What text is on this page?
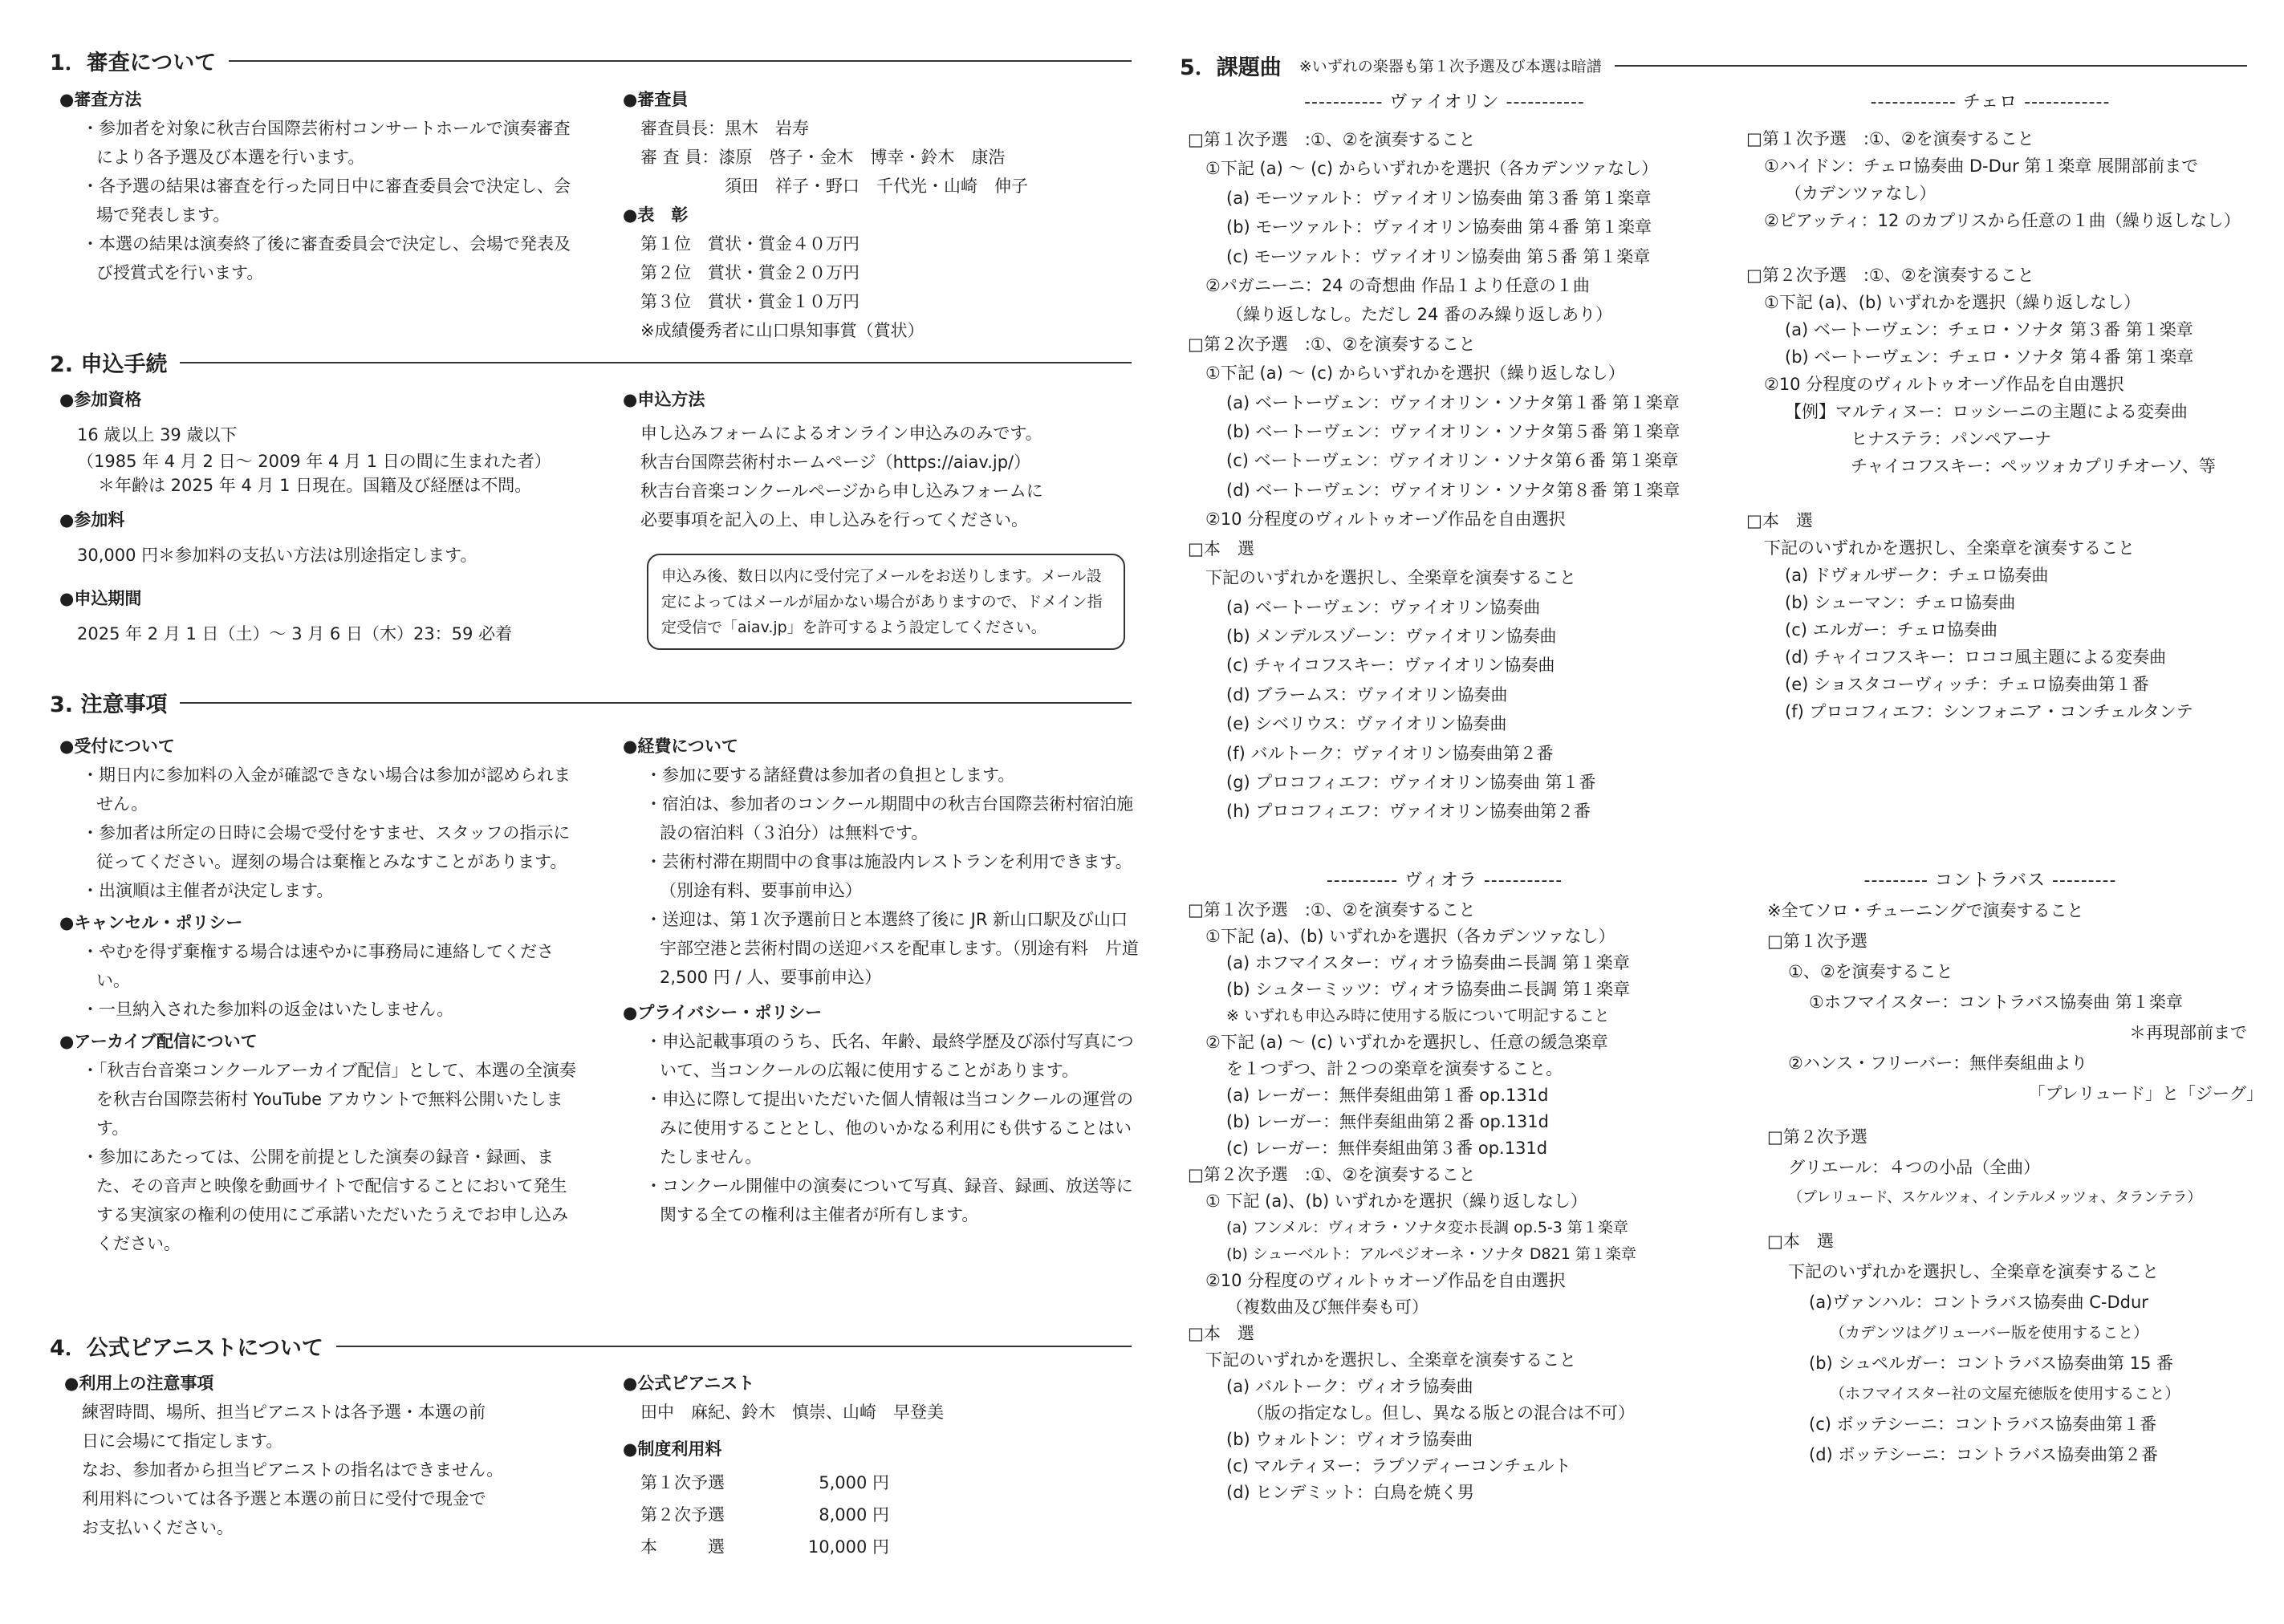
1．審査について
●審査方法
・参加者を対象に秋吉台国際芸術村コンサートホールで演奏審査により各予選及び本選を行います。
・各予選の結果は審査を行った同日中に審査委員会で決定し、会場で発表します。
・本選の結果は演奏終了後に審査委員会で決定し、会場で発表及び授賞式を行います。
●審査員
審査員長：黒木　岩寿
審 査 員：漆原　啓子・金木　博幸・鈴木　康浩
　　　　　須田　祥子・野口　千代光・山崎　伸子
●表　彰
第１位　賞状・賞金４０万円
第２位　賞状・賞金２０万円
第３位　賞状・賞金１０万円
※成績優秀者に山口県知事賞（賞状）
2. 申込手続
●参加資格
16 歳以上 39 歳以下
（1985 年 4 月 2 日～ 2009 年 4 月 1 日の間に生まれた者）
＊年齢は 2025 年 4 月 1 日現在。国籍及び経歴は不問。
●参加料
30,000 円＊参加料の支払い方法は別途指定します。
●申込期間
2025 年 2 月 1 日（土）～ 3 月 6 日（木）23：59 必着
●申込方法
申し込みフォームによるオンライン申込みのみです。
秋吉台国際芸術村ホームページ（https://aiav.jp/）
秋吉台音楽コンクールページから申し込みフォームに
必要事項を記入の上、申し込みを行ってください。
申込み後、数日以内に受付完了メールをお送りします。メール設定によってはメールが届かない場合がありますので、ドメイン指定受信で「aiav.jp」を許可するよう設定してください。
3. 注意事項
●受付について
・期日内に参加料の入金が確認できない場合は参加が認められません。
・参加者は所定の日時に会場で受付をすませ、スタッフの指示に従ってください。遅刻の場合は棄権とみなすことがあります。
・出演順は主催者が決定します。
●キャンセル・ポリシー
・やむを得ず棄権する場合は速やかに事務局に連絡してください。
・一旦納入された参加料の返金はいたしません。
●アーカイブ配信について
・「秋吉台音楽コンクールアーカイブ配信」として、本選の全演奏を秋吉台国際芸術村 YouTube アカウントで無料公開いたします。
・参加にあたっては、公開を前提とした演奏の録音・録画、また、その音声と映像を動画サイトで配信することにおいて発生する実演家の権利の使用にご承諾いただいたうえでお申し込みください。
●経費について
・参加に要する諸経費は参加者の負担とします。
・宿泊は、参加者のコンクール期間中の秋吉台国際芸術村宿泊施設の宿泊料（３泊分）は無料です。
・芸術村滞在期間中の食事は施設内レストランを利用できます。（別途有料、要事前申込）
・送迎は、第１次予選前日と本選終了後に JR 新山口駅及び山口宇部空港と芸術村間の送迎バスを配車します。（別途有料　片道 2,500 円 / 人、要事前申込）
●プライバシー・ポリシー
・申込記載事項のうち、氏名、年齢、最終学歴及び添付写真について、当コンクールの広報に使用することがあります。
・申込に際して提出いただいた個人情報は当コンクールの運営のみに使用することとし、他のいかなる利用にも供することはいたしません。
・コンクール開催中の演奏について写真、録音、録画、放送等に関する全ての権利は主催者が所有します。
4．公式ピアニストについて
●利用上の注意事項
練習時間、場所、担当ピアニストは各予選・本選の前
日に会場にて指定します。
なお、参加者から担当ピアニストの指名はできません。
利用料については各予選と本選の前日に受付で現金で
お支払いください。
●公式ピアニスト
田中　麻紀、鈴木　慎崇、山崎　早登美
●制度利用料
第１次予選	5,000 円
第２次予選	8,000 円
本　　　選	10,000 円
5．課題曲 ※いずれの楽器も第１次予選及び本選は暗譜
----------- ヴァイオリン -----------
□第１次予選　:①、②を演奏すること
①下記 (a) ～ (c) からいずれかを選択（各カデンツァなし）
(a) モーツァルト：ヴァイオリン協奏曲 第３番 第１楽章
(b) モーツァルト：ヴァイオリン協奏曲 第４番 第１楽章
(c) モーツァルト：ヴァイオリン協奏曲 第５番 第１楽章
②パガニーニ：24 の奇想曲 作品１より任意の１曲
（繰り返しなし。ただし 24 番のみ繰り返しあり）
□第２次予選　:①、②を演奏すること
①下記 (a) ～ (c) からいずれかを選択（繰り返しなし）
(a) ベートーヴェン：ヴァイオリン・ソナタ第１番 第１楽章
(b) ベートーヴェン：ヴァイオリン・ソナタ第５番 第１楽章
(c) ベートーヴェン：ヴァイオリン・ソナタ第６番 第１楽章
(d) ベートーヴェン：ヴァイオリン・ソナタ第８番 第１楽章
②10 分程度のヴィルトゥオーゾ作品を自由選択
□本　選
下記のいずれかを選択し、全楽章を演奏すること
(a) ベートーヴェン：ヴァイオリン協奏曲
(b) メンデルスゾーン：ヴァイオリン協奏曲
(c) チャイコフスキー：ヴァイオリン協奏曲
(d) ブラームス：ヴァイオリン協奏曲
(e) シベリウス：ヴァイオリン協奏曲
(f) バルトーク：ヴァイオリン協奏曲第２番
(g) プロコフィエフ：ヴァイオリン協奏曲 第１番
(h) プロコフィエフ：ヴァイオリン協奏曲第２番
---------- ヴィオラ -----------
□第１次予選　:①、②を演奏すること
①下記 (a)、(b) いずれかを選択（各カデンツァなし）
(a) ホフマイスター：ヴィオラ協奏曲ニ長調 第１楽章
(b) シュターミッツ：ヴィオラ協奏曲ニ長調 第１楽章
※ いずれも申込み時に使用する版について明記すること
②下記 (a) ～ (c) いずれかを選択し、任意の緩急楽章
を１つずつ、計２つの楽章を演奏すること。
(a) レーガー：無伴奏組曲第１番 op.131d
(b) レーガー：無伴奏組曲第２番 op.131d
(c) レーガー：無伴奏組曲第３番 op.131d
□第２次予選　:①、②を演奏すること
① 下記 (a)、(b) いずれかを選択（繰り返しなし）
(a) フンメル：ヴィオラ・ソナタ変ホ長調 op.5-3 第１楽章
(b) シューベルト：アルペジオーネ・ソナタ D821 第１楽章
②10 分程度のヴィルトゥオーゾ作品を自由選択
（複数曲及び無伴奏も可）
□本　選
下記のいずれかを選択し、全楽章を演奏すること
(a) バルトーク：ヴィオラ協奏曲
（版の指定なし。但し、異なる版との混合は不可）
(b) ウォルトン：ヴィオラ協奏曲
(c) マルティヌー：ラプソディーコンチェルト
(d) ヒンデミット：白鳥を焼く男
------------ チェロ ------------
□第１次予選　:①、②を演奏すること
①ハイドン：チェロ協奏曲 D-Dur 第１楽章 展開部前まで
（カデンツァなし）
②ピアッティ：12 のカプリスから任意の１曲（繰り返しなし）
□第２次予選　:①、②を演奏すること
①下記 (a)、(b) いずれかを選択（繰り返しなし）
(a) ベートーヴェン：チェロ・ソナタ 第３番 第１楽章
(b) ベートーヴェン：チェロ・ソナタ 第４番 第１楽章
②10 分程度のヴィルトゥオーゾ作品を自由選択
【例】マルティヌー：ロッシーニの主題による変奏曲
ヒナステラ：パンペアーナ
チャイコフスキー：ペッツォカプリチオーソ、等
□本　選
下記のいずれかを選択し、全楽章を演奏すること
(a) ドヴォルザーク：チェロ協奏曲
(b) シューマン：チェロ協奏曲
(c) エルガー：チェロ協奏曲
(d) チャイコフスキー：ロココ風主題による変奏曲
(e) ショスタコーヴィッチ：チェロ協奏曲第１番
(f) プロコフィエフ：シンフォニア・コンチェルタンテ
--------- コントラバス ---------
※全てソロ・チューニングで演奏すること
□第１次予選
①、②を演奏すること
①ホフマイスター：コントラバス協奏曲 第１楽章
＊再現部前まで
②ハンス・フリーバー：無伴奏組曲より
「プレリュード」と「ジーグ」
□第２次予選
グリエール：４つの小品（全曲）
（プレリュード、スケルツォ、インテルメッツォ、タランテラ）
□本　選
下記のいずれかを選択し、全楽章を演奏すること
(a)ヴァンハル：コントラバス協奏曲 C-Ddur
（カデンツはグリューバー版を使用すること）
(b) シュペルガー：コントラバス協奏曲第 15 番
（ホフマイスター社の文屋充徳版を使用すること）
(c) ボッテシーニ：コントラバス協奏曲第１番
(d) ボッテシーニ：コントラバス協奏曲第２番
